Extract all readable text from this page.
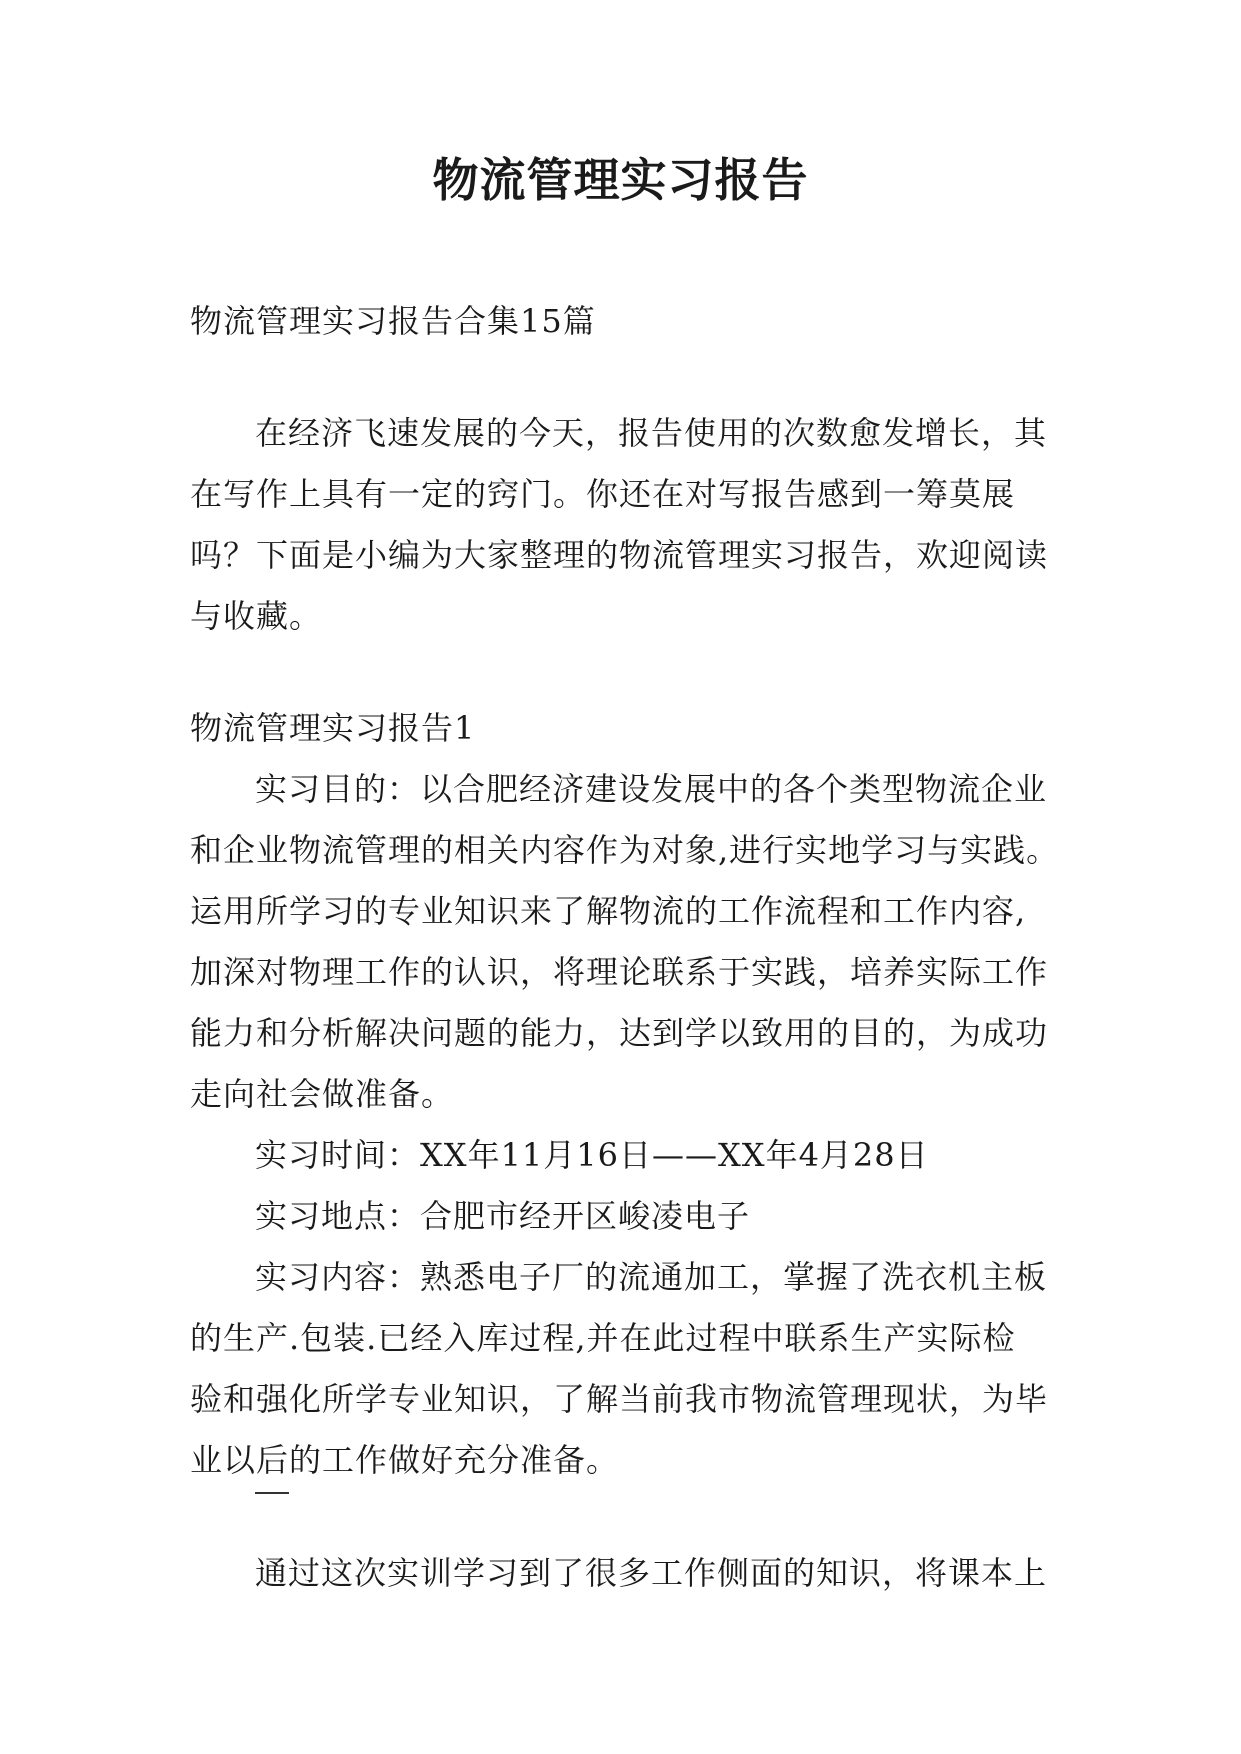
物流管理实习报告
物流管理实习报告合集15篇
在经济飞速发展的今天，报告使用的次数愈发增长，其
在写作上具有一定的窍门。你还在对写报告感到一筹莫展
吗？下面是小编为大家整理的物流管理实习报告，欢迎阅读
与收藏。
物流管理实习报告1
实习目的：以合肥经济建设发展中的各个类型物流企业
和企业物流管理的相关内容作为对象,进行实地学习与实践。
运用所学习的专业知识来了解物流的工作流程和工作内容,
加深对物理工作的认识，将理论联系于实践，培养实际工作
能力和分析解决问题的能力，达到学以致用的目的，为成功
走向社会做准备。
实习时间：XX年11月16日——XX年4月28日
实习地点：合肥市经开区峻凌电子
实习内容：熟悉电子厂的流通加工，掌握了洗衣机主板
的生产.包装.已经入库过程,并在此过程中联系生产实际检
验和强化所学专业知识，了解当前我市物流管理现状，为毕
业以后的工作做好充分准备。
通过这次实训学习到了很多工作侧面的知识，将课本上
